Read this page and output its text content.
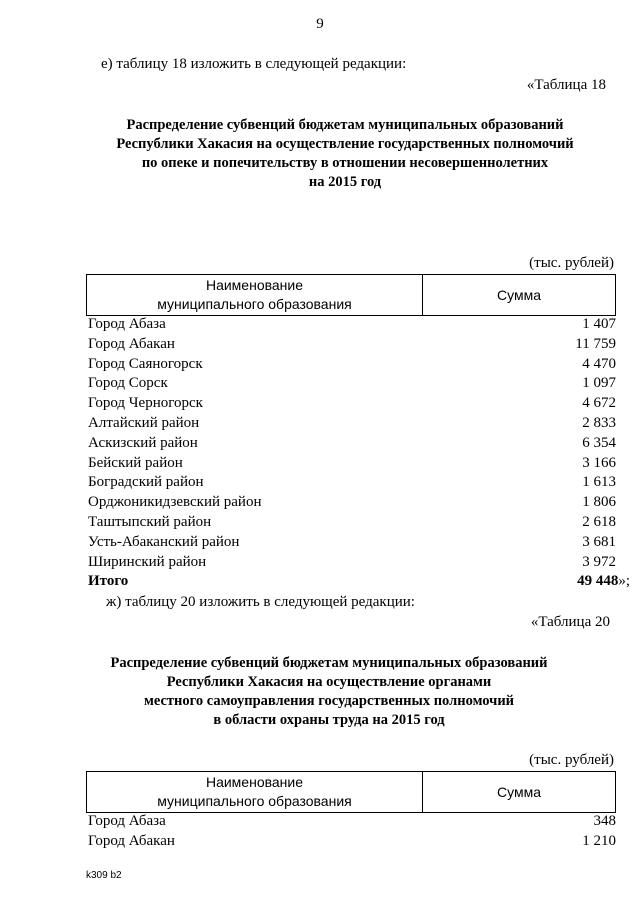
9
е) таблицу 18 изложить в следующей редакции:
«Таблица 18
Распределение субвенций бюджетам муниципальных образований
Республики Хакасия на осуществление государственных полномочий
по опеке и попечительству в отношении несовершеннолетних
на 2015 год
(тыс. рублей)
Наименование
муниципального образования
Сумма
Город Абаза	1 407
Город Абакан	11 759
Город Саяногорск	4 470
Город Сорск	1 097
Город Черногорск	4 672
Алтайский район	2 833
Аскизский район	6 354
Бейский район	3 166
Боградский район	1 613
Орджоникидзевский район	1 806
Таштыпский район	2 618
Усть-Абаканский район	3 681
Ширинский район	3 972
Итого	49 448»;
ж) таблицу 20 изложить в следующей редакции:
«Таблица 20
Распределение субвенций бюджетам муниципальных образований
Республики Хакасия на осуществление органами
местного самоуправления государственных полномочий
в области охраны труда на 2015 год
(тыс. рублей)
Наименование
муниципального образования
Сумма
Город Абаза	348
Город Абакан	1 210
k309 b2
